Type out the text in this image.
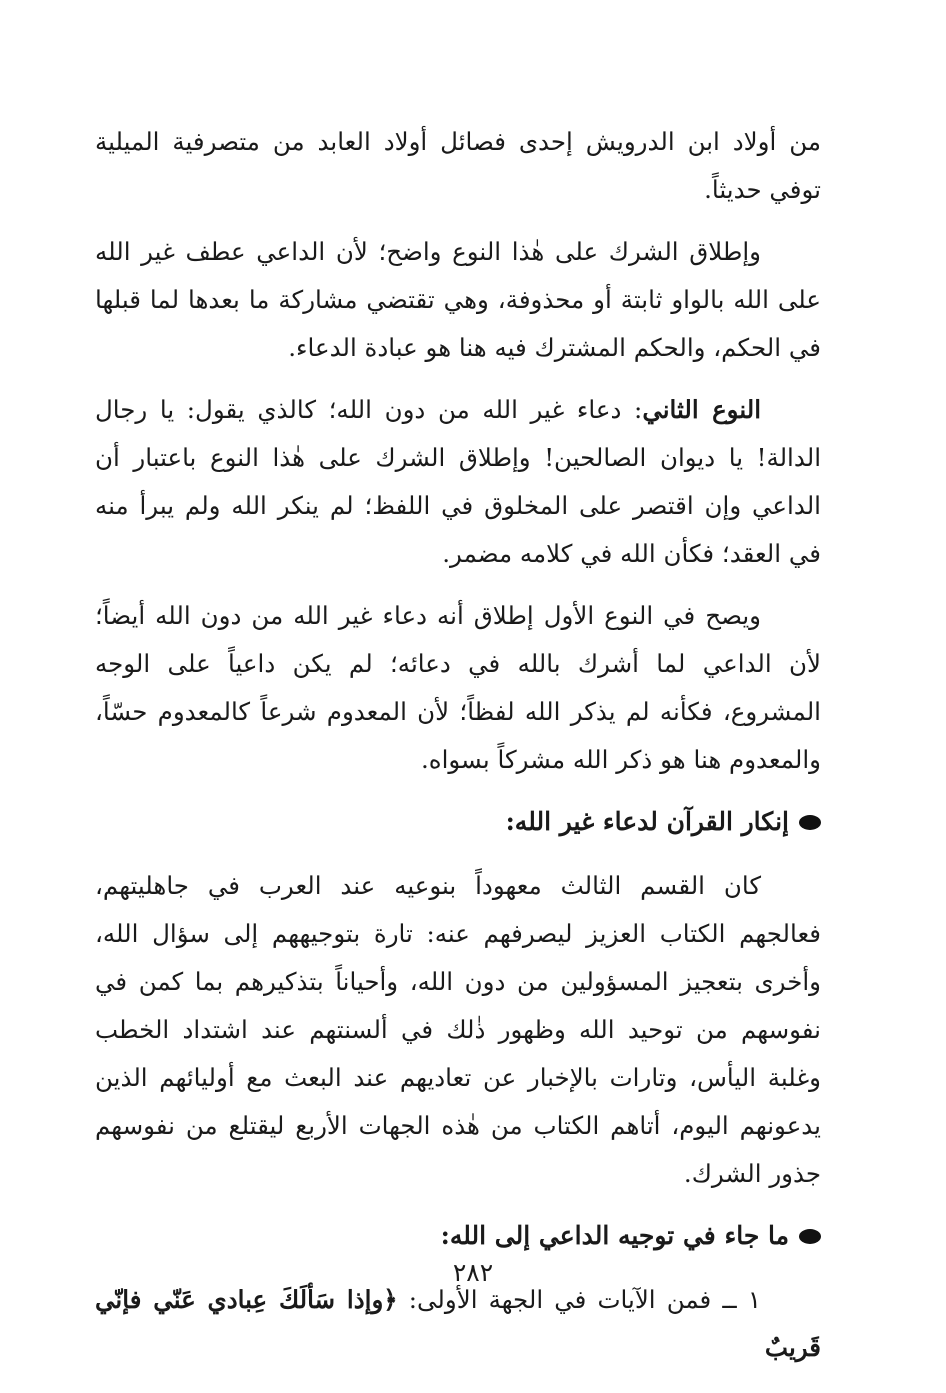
من أولاد ابن الدرويش إحدى فصائل أولاد العابد من متصرفية الميلية توفي حديثاً.

وإطلاق الشرك على هٰذا النوع واضح؛ لأن الداعي عطف غير الله على الله بالواو ثابتة أو محذوفة، وهي تقتضي مشاركة ما بعدها لما قبلها في الحكم، والحكم المشترك فيه هنا هو عبادة الدعاء.

النوع الثاني: دعاء غير الله من دون الله؛ كالذي يقول: يا رجال الدالة! يا ديوان الصالحين! وإطلاق الشرك على هٰذا النوع باعتبار أن الداعي وإن اقتصر على المخلوق في اللفظ؛ لم ينكر الله ولم يبرأ منه في العقد؛ فكأن الله في كلامه مضمر.

ويصح في النوع الأول إطلاق أنه دعاء غير الله من دون الله أيضاً؛ لأن الداعي لما أشرك بالله في دعائه؛ لم يكن داعياً على الوجه المشروع، فكأنه لم يذكر الله لفظاً؛ لأن المعدوم شرعاً كالمعدوم حسّاً، والمعدوم هنا هو ذكر الله مشركاً بسواه.

إنكار القرآن لدعاء غير الله:

كان القسم الثالث معهوداً بنوعيه عند العرب في جاهليتهم، فعالجهم الكتاب العزيز ليصرفهم عنه: تارة بتوجيههم إلى سؤال الله، وأخرى بتعجيز المسؤولين من دون الله، وأحياناً بتذكيرهم بما كمن في نفوسهم من توحيد الله وظهور ذٰلك في ألسنتهم عند اشتداد الخطب وغلبة اليأس، وتارات بالإخبار عن تعاديهم عند البعث مع أوليائهم الذين يدعونهم اليوم، أتاهم الكتاب من هٰذه الجهات الأربع ليقتلع من نفوسهم جذور الشرك.

ما جاء في توجيه الداعي إلى الله:

١ ــ فمن الآيات في الجهة الأولى: ﴿وإذا سَألَكَ عِبادي عَنّي فإنّي قَريبٌ

٢٨٢
